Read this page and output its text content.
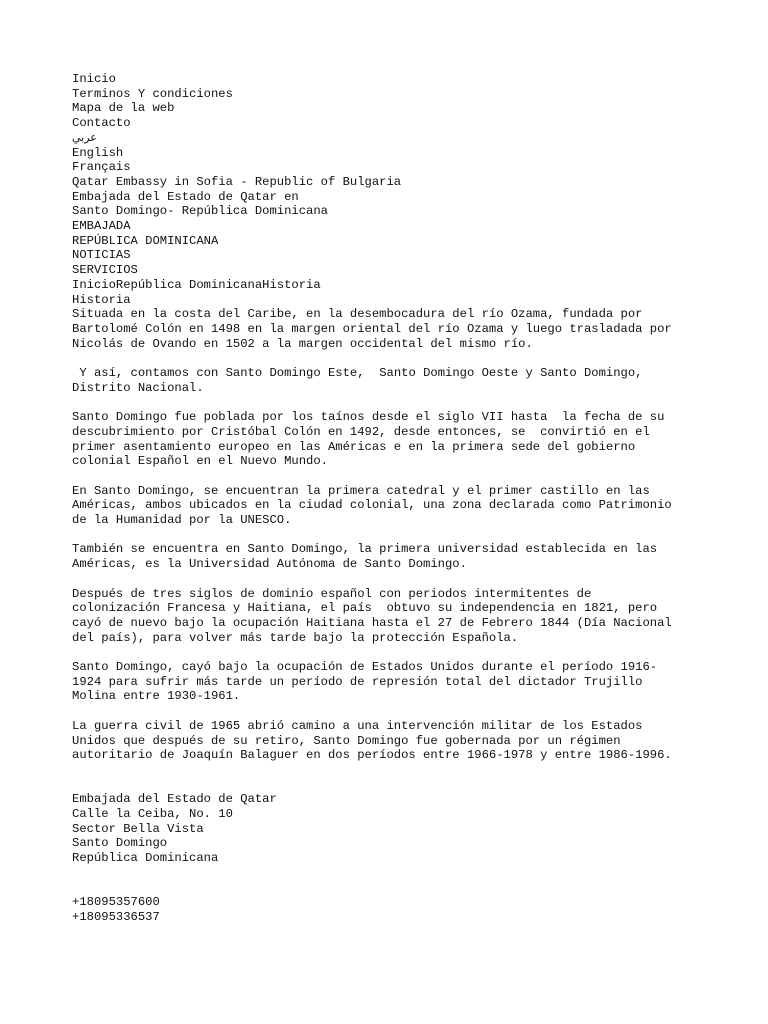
Inicio
Terminos Y condiciones
Mapa de la web
Contacto
عربي
English
Français
Qatar Embassy in Sofia - Republic of Bulgaria
Embajada del Estado de Qatar en
Santo Domingo- República Dominicana
EMBAJADA
REPÚBLICA DOMINICANA
NOTICIAS
SERVICIOS
InicioRepública DominicanaHistoria
Historia
Situada en la costa del Caribe, en la desembocadura del río Ozama, fundada por
Bartolomé Colón en 1498 en la margen oriental del río Ozama y luego trasladada por
Nicolás de Ovando en 1502 a la margen occidental del mismo río.
Y así, contamos con Santo Domingo Este,  Santo Domingo Oeste y Santo Domingo,
Distrito Nacional.
Santo Domingo fue poblada por los taínos desde el siglo VII hasta  la fecha de su
descubrimiento por Cristóbal Colón en 1492, desde entonces, se  convirtió en el
primer asentamiento europeo en las Américas e en la primera sede del gobierno
colonial Español en el Nuevo Mundo.
En Santo Domingo, se encuentran la primera catedral y el primer castillo en las
Américas, ambos ubicados en la ciudad colonial, una zona declarada como Patrimonio
de la Humanidad por la UNESCO.
También se encuentra en Santo Domingo, la primera universidad establecida en las
Américas, es la Universidad Autónoma de Santo Domingo.
Después de tres siglos de dominio español con periodos intermitentes de
colonización Francesa y Haitiana, el país  obtuvo su independencia en 1821, pero
cayó de nuevo bajo la ocupación Haitiana hasta el 27 de Febrero 1844 (Día Nacional
del país), para volver más tarde bajo la protección Española.
Santo Domingo, cayó bajo la ocupación de Estados Unidos durante el período 1916-
1924 para sufrir más tarde un período de represión total del dictador Trujillo
Molina entre 1930-1961.
La guerra civil de 1965 abrió camino a una intervención militar de los Estados
Unidos que después de su retiro, Santo Domingo fue gobernada por un régimen
autoritario de Joaquín Balaguer en dos períodos entre 1966-1978 y entre 1986-1996.
Embajada del Estado de Qatar
Calle la Ceiba, No. 10
Sector Bella Vista
Santo Domingo
República Dominicana
+18095357600
+18095336537
